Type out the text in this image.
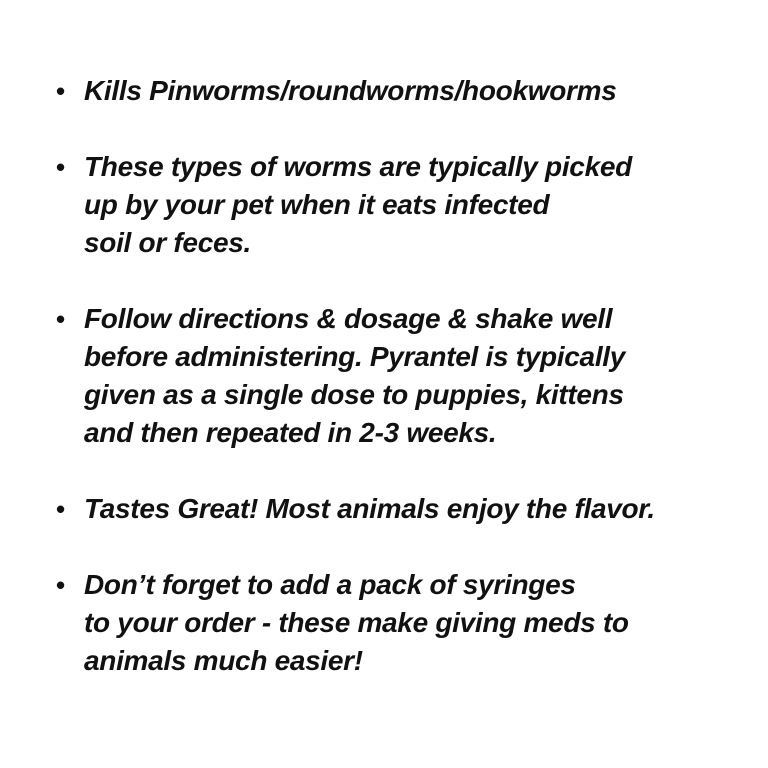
• Kills Pinworms/roundworms/hookworms
• These types of worms are typically picked
up by your pet when it eats infected
soil or feces.
• Follow directions & dosage & shake well
before administering. Pyrantel is typically
given as a single dose to puppies, kittens
and then repeated in 2-3 weeks.
• Tastes Great! Most animals enjoy the flavor.
• Don’t forget to add a pack of syringes
to your order - these make giving meds to
animals much easier!
